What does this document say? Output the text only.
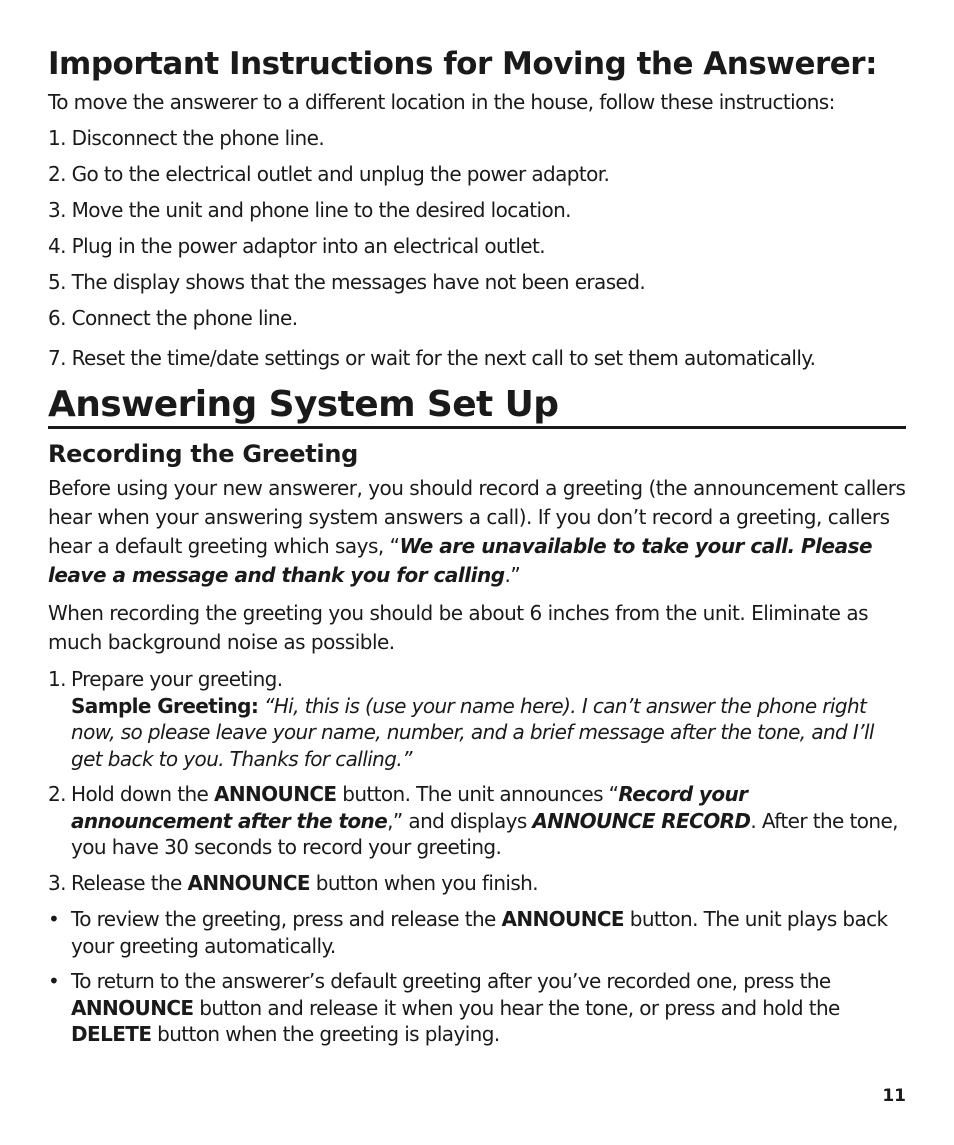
Important Instructions for Moving the Answerer:
To move the answerer to a different location in the house, follow these instructions:
1. Disconnect the phone line.
2. Go to the electrical outlet and unplug the power adaptor.
3. Move the unit and phone line to the desired location.
4. Plug in the power adaptor into an electrical outlet.
5. The display shows that the messages have not been erased.
6. Connect the phone line.
7. Reset the time/date settings or wait for the next call to set them automatically.
Answering System Set Up
Recording the Greeting
Before using your new answerer, you should record a greeting (the announcement callers hear when your answering system answers a call). If you don’t record a greeting, callers hear a default greeting which says, “We are unavailable to take your call. Please leave a message and thank you for calling.”
When recording the greeting you should be about 6 inches from the unit. Eliminate as much background noise as possible.
1. Prepare your greeting.
Sample Greeting: “Hi, this is (use your name here). I can’t answer the phone right now, so please leave your name, number, and a brief message after the tone, and I’ll get back to you. Thanks for calling.”
2. Hold down the ANNOUNCE button. The unit announces “Record your announcement after the tone,” and displays ANNOUNCE RECORD. After the tone, you have 30 seconds to record your greeting.
3. Release the ANNOUNCE button when you finish.
• To review the greeting, press and release the ANNOUNCE button. The unit plays back your greeting automatically.
• To return to the answerer’s default greeting after you’ve recorded one, press the ANNOUNCE button and release it when you hear the tone, or press and hold the DELETE button when the greeting is playing.
11
